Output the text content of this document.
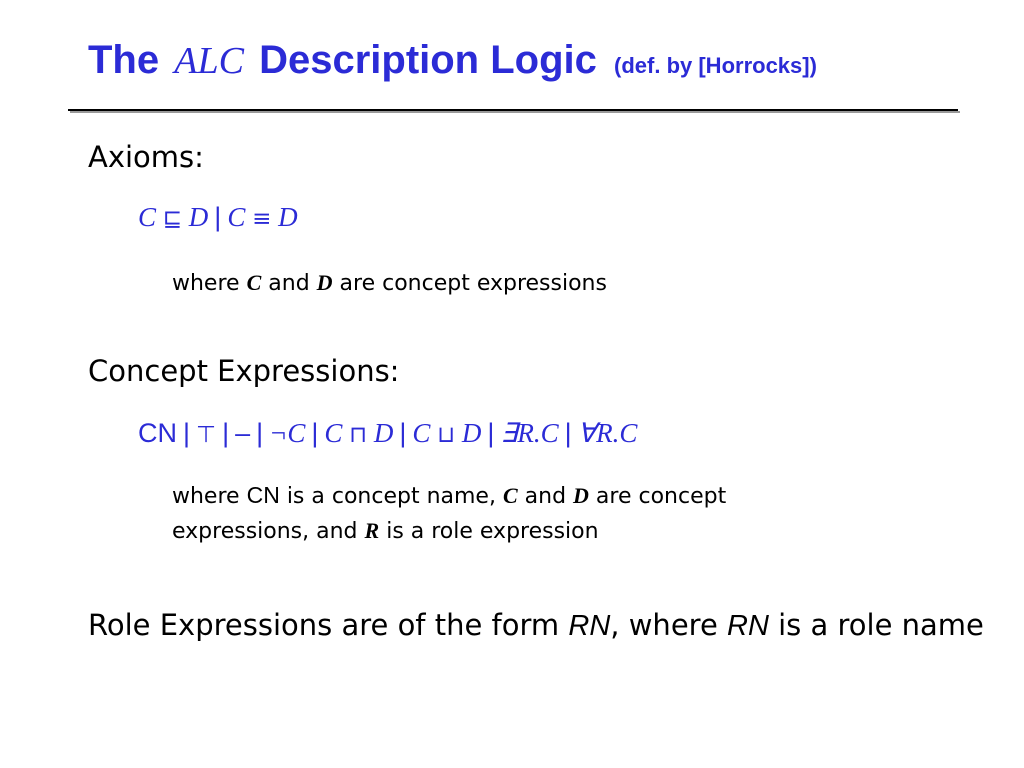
The ALC Description Logic (def. by [Horrocks])
Axioms:
C ⊑ D | C ≡ D
where C and D are concept expressions
Concept Expressions:
CN | ⊤ | – | ¬C | C ⊓ D | C ⊔ D | ∃R.C | ∀R.C
where CN is a concept name, C and D are concept
expressions, and R is a role expression
Role Expressions are of the form RN, where RN is a role name
